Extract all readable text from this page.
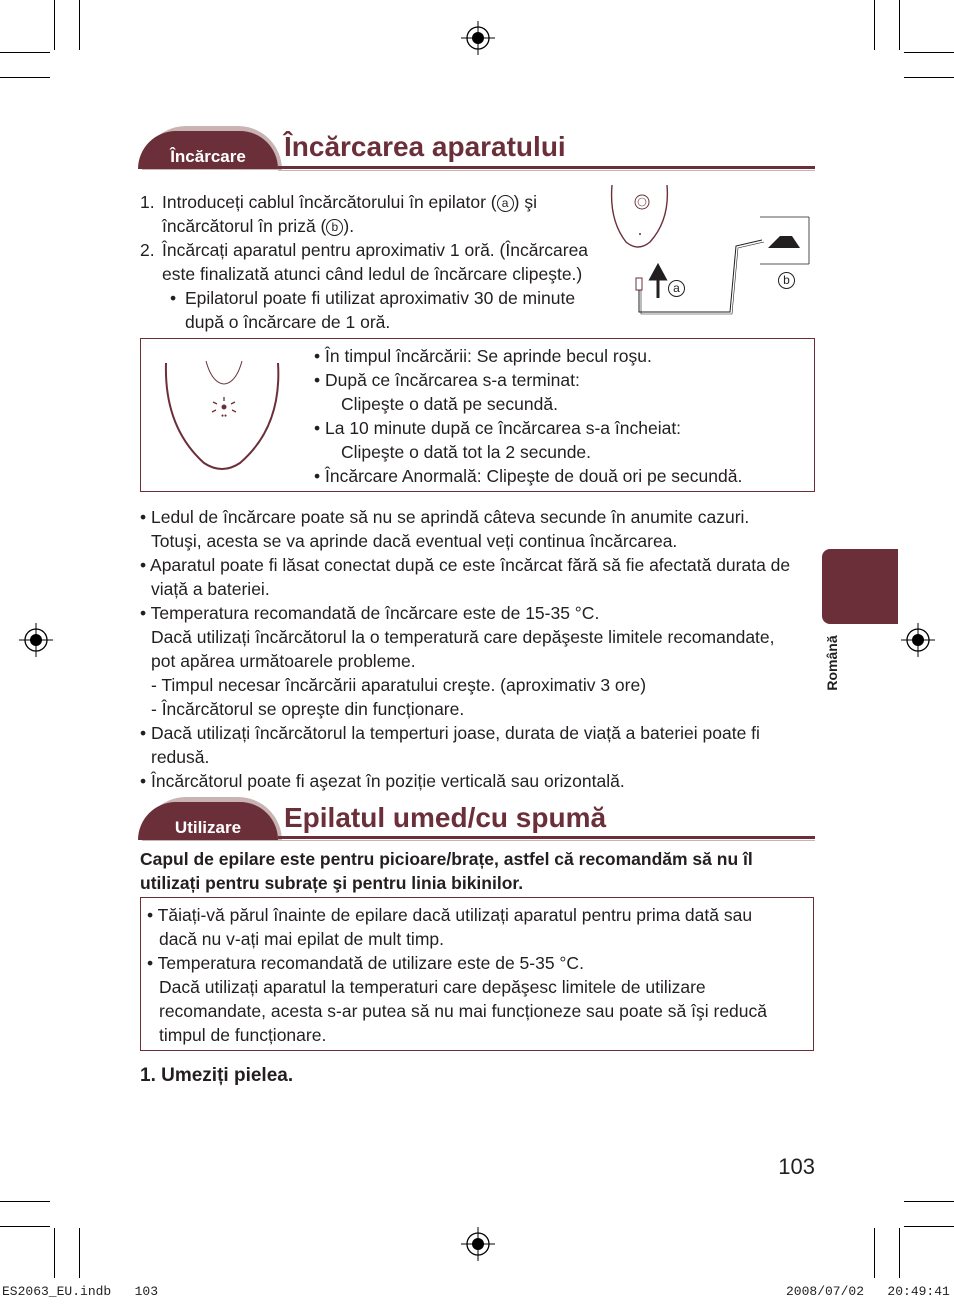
Încărcare	Încărcarea aparatului
1. Introduceți cablul încărcătorului în epilator ( a ) şi
încărcătorul în priză ( b ).
2. Încărcați aparatul pentru aproximativ 1 oră. (Încărcarea
este finalizată atunci când ledul de încărcare clipeşte.)
• Epilatorul poate fi utilizat aproximativ 30 de minute
după o încărcare de 1 oră.
a
b
●●
• În timpul încărcării: Se aprinde becul roşu.
• După ce încărcarea s-a terminat:
Clipeşte o dată pe secundă.
• La 10 minute după ce încărcarea s-a încheiat:
Clipeşte o dată tot la 2 secunde.
• Încărcare Anormală: Clipeşte de două ori pe secundă.
• Ledul de încărcare poate să nu se aprindă câteva secunde în anumite cazuri.
Totuşi, acesta se va aprinde dacă eventual veți continua încărcarea.
• Aparatul poate fi lăsat conectat după ce este încărcat fără să fie afectată durata de
viață a bateriei.
• Temperatura recomandată de încărcare este de 15-35 °C.
Dacă utilizați încărcătorul la o temperatură care depăşeste limitele recomandate,
pot apărea următoarele probleme.
- Timpul necesar încărcării aparatului creşte. (aproximativ 3 ore)
- Încărcătorul se opreşte din funcționare.
• Dacă utilizați încărcătorul la temperturi joase, durata de viață a bateriei poate fi
redusă.
• Încărcătorul poate fi aşezat în poziție verticală sau orizontală.
Română
Utilizare	Epilatul umed/cu spumă
Capul de epilare este pentru picioare/brațe, astfel că recomandăm să nu îl
utilizați pentru subrațe şi pentru linia bikinilor.
• Tăiați-vă părul înainte de epilare dacă utilizați aparatul pentru prima dată sau
dacă nu v-ați mai epilat de mult timp.
• Temperatura recomandată de utilizare este de 5-35 °C.
Dacă utilizați aparatul la temperaturi care depăşesc limitele de utilizare
recomandate, acesta s-ar putea să nu mai funcționeze sau poate să îşi reducă
timpul de funcționare.
1. Umeziți pielea.
103
ES2063_EU.indb   103	2008/07/02   20:49:41
